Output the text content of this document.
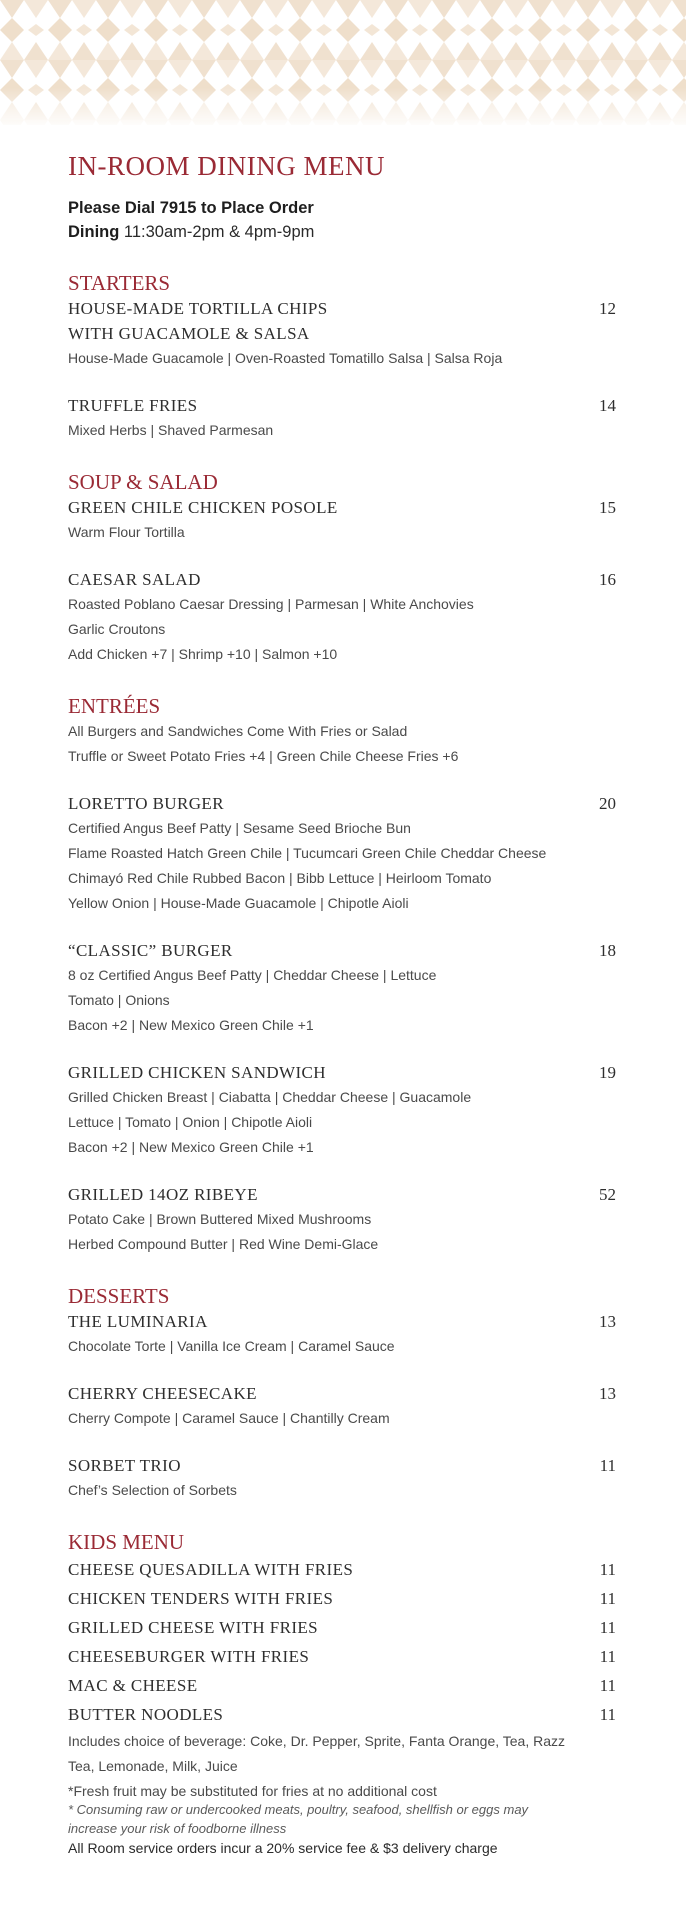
IN-ROOM DINING MENU
Please Dial 7915 to Place Order
Dining 11:30am-2pm & 4pm-9pm
STARTERS
HOUSE-MADE TORTILLA CHIPS	12
WITH GUACAMOLE & SALSA
House-Made Guacamole | Oven-Roasted Tomatillo Salsa | Salsa Roja
TRUFFLE FRIES	14
Mixed Herbs | Shaved Parmesan
SOUP & SALAD
GREEN CHILE CHICKEN POSOLE	15
Warm Flour Tortilla
CAESAR SALAD	16
Roasted Poblano Caesar Dressing | Parmesan | White Anchovies
Garlic Croutons
Add Chicken +7 | Shrimp +10 | Salmon +10
ENTRÉES
All Burgers and Sandwiches Come With Fries or Salad
Truffle or Sweet Potato Fries +4 | Green Chile Cheese Fries +6
LORETTO BURGER	20
Certified Angus Beef Patty | Sesame Seed Brioche Bun
Flame Roasted Hatch Green Chile | Tucumcari Green Chile Cheddar Cheese
Chimayó Red Chile Rubbed Bacon | Bibb Lettuce | Heirloom Tomato
Yellow Onion | House-Made Guacamole | Chipotle Aioli
“CLASSIC” BURGER	18
8 oz Certified Angus Beef Patty | Cheddar Cheese | Lettuce
Tomato | Onions
Bacon +2 | New Mexico Green Chile +1
GRILLED CHICKEN SANDWICH	19
Grilled Chicken Breast | Ciabatta | Cheddar Cheese | Guacamole
Lettuce | Tomato | Onion | Chipotle Aioli
Bacon +2 | New Mexico Green Chile +1
GRILLED 14OZ RIBEYE	52
Potato Cake | Brown Buttered Mixed Mushrooms
Herbed Compound Butter | Red Wine Demi-Glace
DESSERTS
THE LUMINARIA	13
Chocolate Torte | Vanilla Ice Cream | Caramel Sauce
CHERRY CHEESECAKE	13
Cherry Compote | Caramel Sauce | Chantilly Cream
SORBET TRIO	11
Chef’s Selection of Sorbets
KIDS MENU
CHEESE QUESADILLA WITH FRIES	11
CHICKEN TENDERS WITH FRIES	11
GRILLED CHEESE WITH FRIES	11
CHEESEBURGER WITH FRIES	11
MAC & CHEESE	11
BUTTER NOODLES	11
Includes choice of beverage: Coke, Dr. Pepper, Sprite, Fanta Orange, Tea, Razz
Tea, Lemonade, Milk, Juice
*Fresh fruit may be substituted for fries at no additional cost
* Consuming raw or undercooked meats, poultry, seafood, shellfish or eggs may
increase your risk of foodborne illness
All Room service orders incur a 20% service fee & $3 delivery charge
